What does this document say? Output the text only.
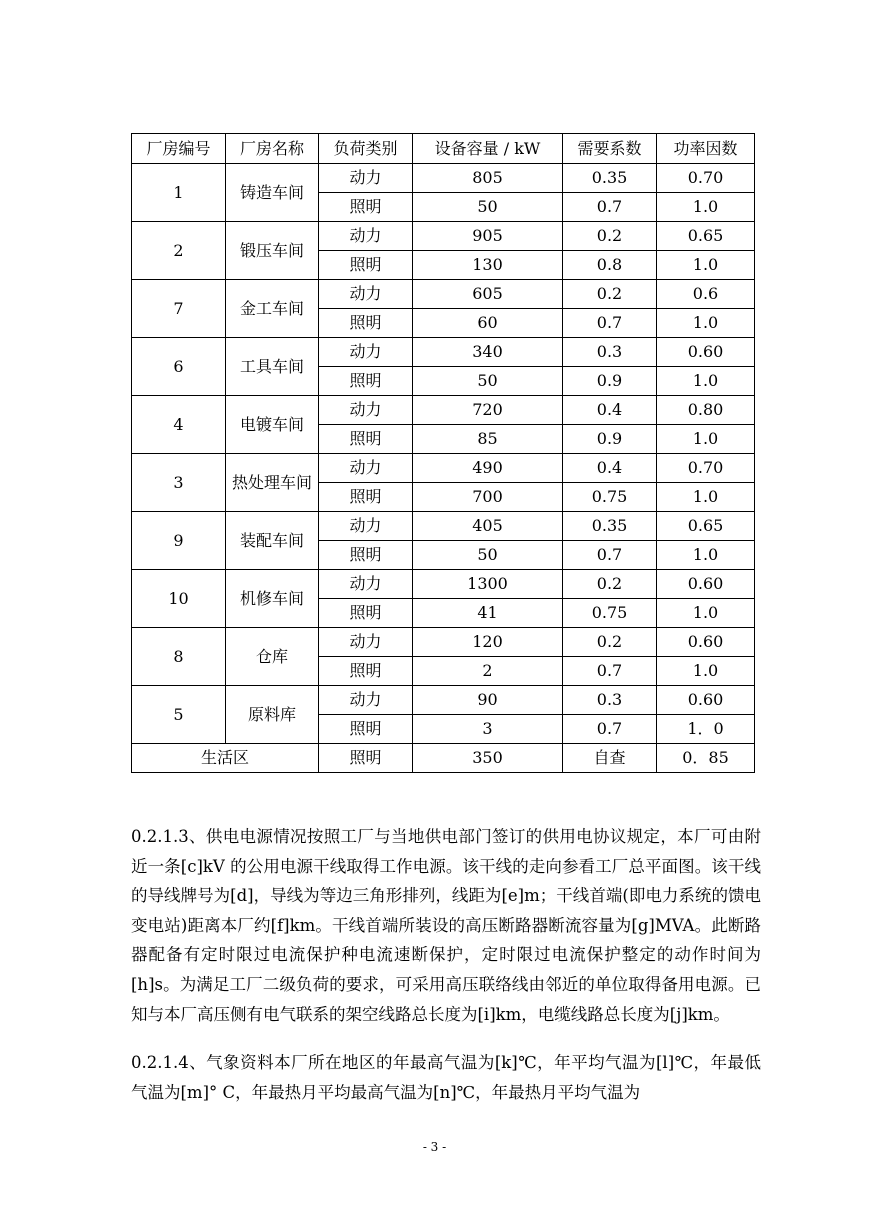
厂房编号	厂房名称	负荷类别	设备容量 / kW	需要系数	功率因数
1	铸造车间	动力	805	0.35	0.70
		照明	50	0.7	1.0
2	锻压车间	动力	905	0.2	0.65
		照明	130	0.8	1.0
7	金工车间	动力	605	0.2	0.6
		照明	60	0.7	1.0
6	工具车间	动力	340	0.3	0.60
		照明	50	0.9	1.0
4	电镀车间	动力	720	0.4	0.80
		照明	85	0.9	1.0
3	热处理车间	动力	490	0.4	0.70
		照明	700	0.75	1.0
9	装配车间	动力	405	0.35	0.65
		照明	50	0.7	1.0
10	机修车间	动力	1300	0.2	0.60
		照明	41	0.75	1.0
8	仓库	动力	120	0.2	0.60
		照明	2	0.7	1.0
5	原料库	动力	90	0.3	0.60
		照明	3	0.7	1．0
生活区		照明	350	自查	0．85

0.2.1.3、供电电源情况按照工厂与当地供电部门签订的供用电协议规定，本厂可由附近一条[c]kV 的公用电源干线取得工作电源。该干线的走向参看工厂总平面图。该干线的导线牌号为[d]，导线为等边三角形排列，线距为[e]m；干线首端(即电力系统的馈电变电站)距离本厂约[f]km。干线首端所装设的高压断路器断流容量为[g]MVA。此断路器配备有定时限过电流保护种电流速断保护，定时限过电流保护整定的动作时间为[h]s。为满足工厂二级负荷的要求，可采用高压联络线由邻近的单位取得备用电源。已知与本厂高压侧有电气联系的架空线路总长度为[i]km，电缆线路总长度为[j]km。

0.2.1.4、气象资料本厂所在地区的年最高气温为[k]℃，年平均气温为[l]℃，年最低气温为[m]° C，年最热月平均最高气温为[n]℃，年最热月平均气温为

- 3 -
